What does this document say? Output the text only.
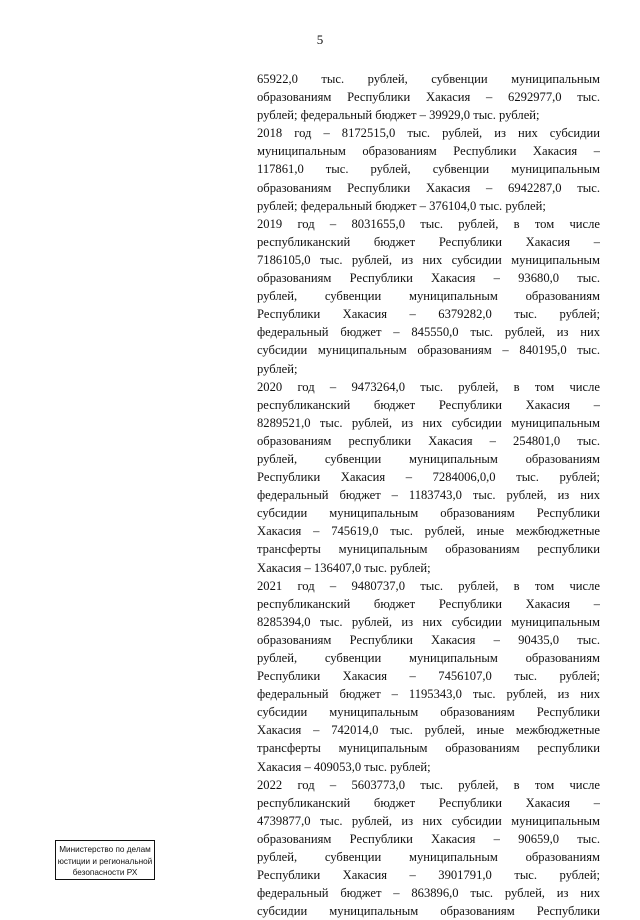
5
65922,0 тыс. рублей, субвенции муниципальным
образованиям Республики Хакасия – 6292977,0 тыс.
рублей; федеральный бюджет – 39929,0 тыс. рублей;
2018 год – 8172515,0 тыс. рублей, из них субсидии
муниципальным образованиям Республики Хакасия –
117861,0 тыс. рублей, субвенции муниципальным
образованиям Республики Хакасия – 6942287,0 тыс.
рублей; федеральный бюджет – 376104,0 тыс. рублей;
2019 год – 8031655,0 тыс. рублей, в том числе
республиканский бюджет Республики Хакасия –
7186105,0 тыс. рублей, из них субсидии муниципальным
образованиям Республики Хакасия – 93680,0 тыс.
рублей, субвенции муниципальным образованиям
Республики Хакасия – 6379282,0 тыс. рублей;
федеральный бюджет – 845550,0 тыс. рублей, из них
субсидии муниципальным образованиям – 840195,0 тыс.
рублей;
2020 год – 9473264,0 тыс. рублей, в том числе
республиканский бюджет Республики Хакасия –
8289521,0 тыс. рублей, из них субсидии муниципальным
образованиям республики Хакасия – 254801,0 тыс.
рублей, субвенции муниципальным образованиям
Республики Хакасия – 7284006,0,0 тыс. рублей;
федеральный бюджет – 1183743,0 тыс. рублей, из них
субсидии муниципальным образованиям Республики
Хакасия – 745619,0 тыс. рублей, иные межбюджетные
трансферты муниципальным образованиям республики
Хакасия – 136407,0 тыс. рублей;
2021 год – 9480737,0 тыс. рублей, в том числе
республиканский бюджет Республики Хакасия –
8285394,0 тыс. рублей, из них субсидии муниципальным
образованиям Республики Хакасия – 90435,0 тыс.
рублей, субвенции муниципальным образованиям
Республики Хакасия – 7456107,0 тыс. рублей;
федеральный бюджет – 1195343,0 тыс. рублей, из них
субсидии муниципальным образованиям Республики
Хакасия – 742014,0 тыс. рублей, иные межбюджетные
трансферты муниципальным образованиям республики
Хакасия – 409053,0 тыс. рублей;
2022 год – 5603773,0 тыс. рублей, в том числе
республиканский бюджет Республики Хакасия –
4739877,0 тыс. рублей, из них субсидии муниципальным
образованиям Республики Хакасия – 90659,0 тыс.
рублей, субвенции муниципальным образованиям
Республики Хакасия – 3901791,0 тыс. рублей;
федеральный бюджет – 863896,0 тыс. рублей, из них
субсидии муниципальным образованиям Республики
Министерство по делам
юстиции и региональной
безопасности РХ
